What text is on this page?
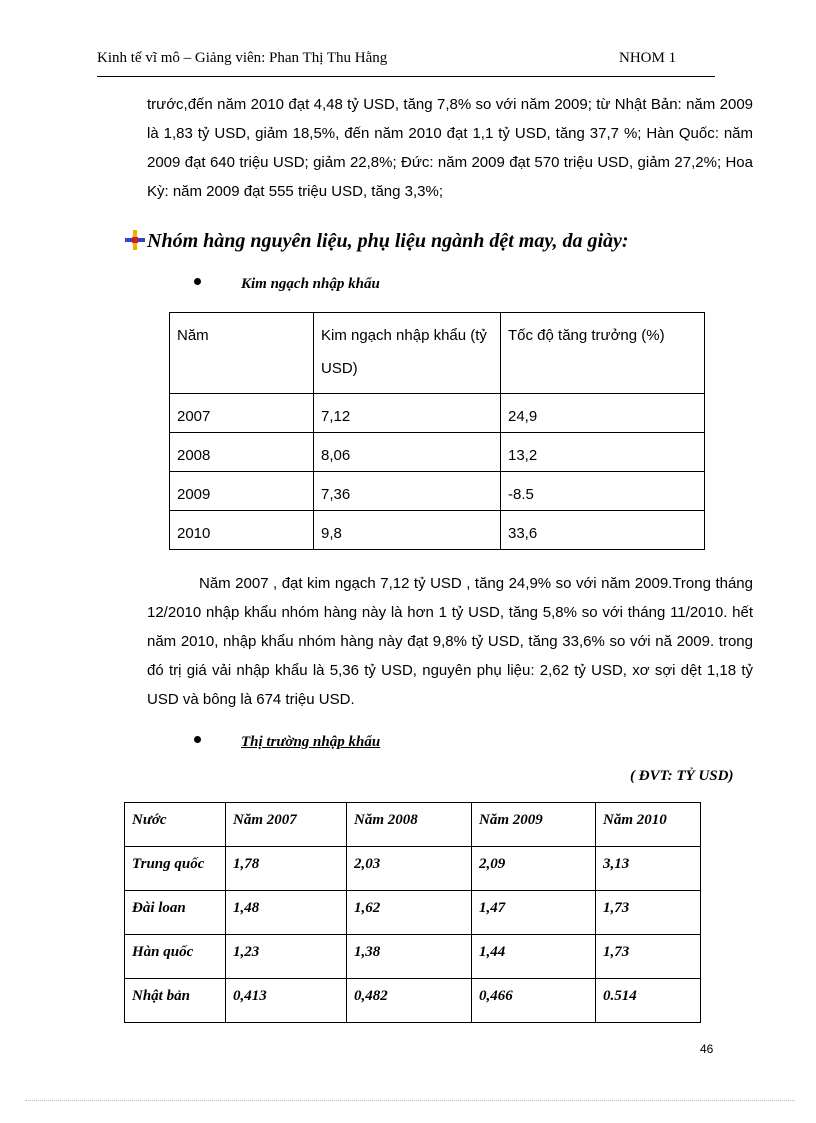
Kinh tế vĩ mô – Giảng viên: Phan Thị Thu Hằng	NHOM 1

trước,đến năm 2010 đạt 4,48 tỷ USD, tăng 7,8% so với năm 2009; từ Nhật Bản: năm 2009 là 1,83 tỷ USD, giảm 18,5%, đến năm 2010 đạt 1,1 tỷ USD, tăng 37,7 %; Hàn Quốc: năm 2009 đạt 640 triệu USD; giảm 22,8%; Đức: năm 2009 đạt 570 triệu USD, giảm 27,2%; Hoa Kỳ: năm 2009 đạt 555 triệu USD, tăng 3,3%;

Nhóm hàng nguyên liệu, phụ liệu ngành dệt may, da giày:
Kim ngạch nhập khẩu
Năm	Kim ngạch nhập khẩu (tỷ USD)	Tốc độ tăng trưởng (%)
2007	7,12	24,9
2008	8,06	13,2
2009	7,36	-8.5
2010	9,8	33,6

Năm 2007 , đạt kim ngạch 7,12 tỷ USD , tăng 24,9% so với năm 2009.Trong tháng 12/2010 nhập khẩu nhóm hàng này là hơn 1 tỷ USD, tăng 5,8% so với tháng 11/2010. hết năm 2010, nhập khẩu nhóm hàng này đạt 9,8% tỷ USD, tăng 33,6% so với nă 2009. trong đó trị giá vải nhập khẩu là 5,36 tỷ USD, nguyên phụ liệu: 2,62 tỷ USD, xơ sợi dệt 1,18 tỷ USD và bông là 674 triệu USD.

Thị trường nhập khẩu
( ĐVT: TỶ USD)
Nước	Năm 2007	Năm 2008	Năm 2009	Năm 2010
Trung quốc	1,78	2,03	2,09	3,13
Đài loan	1,48	1,62	1,47	1,73
Hàn quốc	1,23	1,38	1,44	1,73
Nhật bản	0,413	0,482	0,466	0.514
46
